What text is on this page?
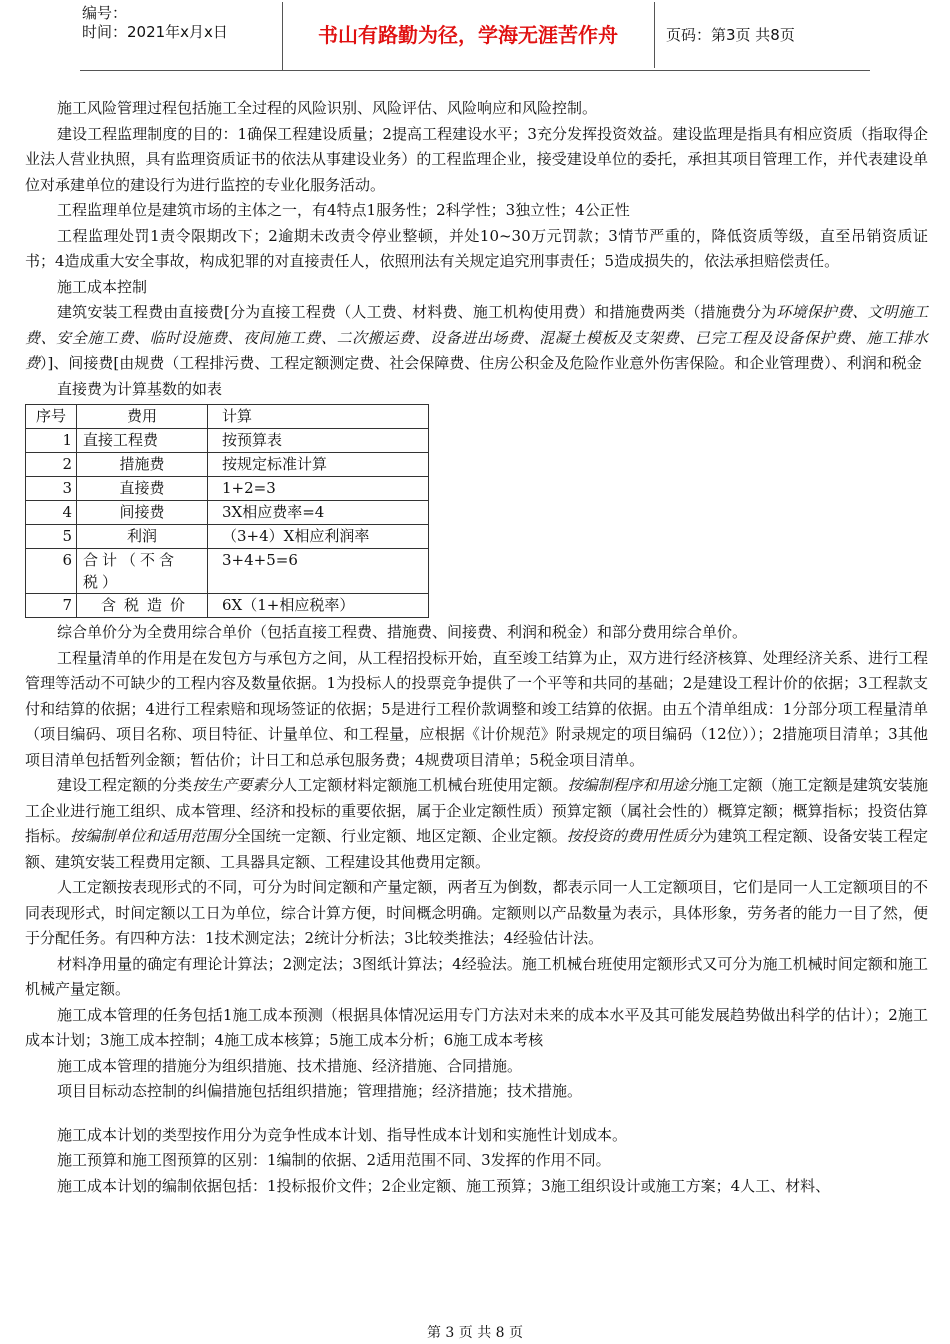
编号：
时间：2021年x月x日	书山有路勤为径，学海无涯苦作舟	页码：第3页 共8页

施工风险管理过程包括施工全过程的风险识别、风险评估、风险响应和风险控制。

建设工程监理制度的目的：1确保工程建设质量；2提高工程建设水平；3充分发挥投资效益。建设监理是指具有相应资质（指取得企业法人营业执照，具有监理资质证书的依法从事建设业务）的工程监理企业，接受建设单位的委托，承担其项目管理工作，并代表建设单位对承建单位的建设行为进行监控的专业化服务活动。

工程监理单位是建筑市场的主体之一，有4特点1服务性；2科学性；3独立性；4公正性

工程监理处罚1责令限期改下；2逾期未改责令停业整顿，并处10~30万元罚款；3情节严重的，降低资质等级，直至吊销资质证书；4造成重大安全事故，构成犯罪的对直接责任人，依照刑法有关规定追究刑事责任；5造成损失的，依法承担赔偿责任。

施工成本控制

建筑安装工程费由直接费[分为直接工程费（人工费、材料费、施工机构使用费）和措施费两类（措施费分为环境保护费、文明施工费、安全施工费、临时设施费、夜间施工费、二次搬运费、设备进出场费、混凝土模板及支架费、已完工程及设备保护费、施工排水费）]、间接费[由规费（工程排污费、工程定额测定费、社会保障费、住房公积金及危险作业意外伤害保险。和企业管理费）、利润和税金

直接费为计算基数的如表

序号	费用	计算
1	直接工程费	按预算表
2	措施费	按规定标准计算
3	直接费	1+2=3
4	间接费	3X相应费率=4
5	利润	（3+4）X相应利润率
6	合计（不含税）	3+4+5=6
7	含税造价	6X（1+相应税率）

综合单价分为全费用综合单价（包括直接工程费、措施费、间接费、利润和税金）和部分费用综合单价。

工程量清单的作用是在发包方与承包方之间，从工程招投标开始，直至竣工结算为止，双方进行经济核算、处理经济关系、进行工程管理等活动不可缺少的工程内容及数量依据。1为投标人的投票竞争提供了一个平等和共同的基础；2是建设工程计价的依据；3工程款支付和结算的依据；4进行工程索赔和现场签证的依据；5是进行工程价款调整和竣工结算的依据。由五个清单组成：1分部分项工程量清单（项目编码、项目名称、项目特征、计量单位、和工程量，应根据《计价规范》附录规定的项目编码（12位））；2措施项目清单；3其他项目清单包括暂列金额；暂估价；计日工和总承包服务费；4规费项目清单；5税金项目清单。

建设工程定额的分类按生产要素分人工定额材料定额施工机械台班使用定额。按编制程序和用途分施工定额（施工定额是建筑安装施工企业进行施工组织、成本管理、经济和投标的重要依据，属于企业定额性质）预算定额（属社会性的）概算定额；概算指标；投资估算指标。按编制单位和适用范围分全国统一定额、行业定额、地区定额、企业定额。按投资的费用性质分为建筑工程定额、设备安装工程定额、建筑安装工程费用定额、工具器具定额、工程建设其他费用定额。

人工定额按表现形式的不同，可分为时间定额和产量定额，两者互为倒数，都表示同一人工定额项目，它们是同一人工定额项目的不同表现形式，时间定额以工日为单位，综合计算方便，时间概念明确。定额则以产品数量为表示，具体形象，劳务者的能力一目了然，便于分配任务。有四种方法：1技术测定法；2统计分析法；3比较类推法；4经验估计法。

材料净用量的确定有理论计算法；2测定法；3图纸计算法；4经验法。施工机械台班使用定额形式又可分为施工机械时间定额和施工机械产量定额。

施工成本管理的任务包括1施工成本预测（根据具体情况运用专门方法对未来的成本水平及其可能发展趋势做出科学的估计）；2施工成本计划；3施工成本控制；4施工成本核算；5施工成本分析；6施工成本考核

施工成本管理的措施分为组织措施、技术措施、经济措施、合同措施。

项目目标动态控制的纠偏措施包括组织措施；管理措施；经济措施；技术措施。

施工成本计划的类型按作用分为竞争性成本计划、指导性成本计划和实施性计划成本。

施工预算和施工图预算的区别：1编制的依据、2适用范围不同、3发挥的作用不同。

施工成本计划的编制依据包括：1投标报价文件；2企业定额、施工预算；3施工组织设计或施工方案；4人工、材料、

第 3 页 共 8 页
